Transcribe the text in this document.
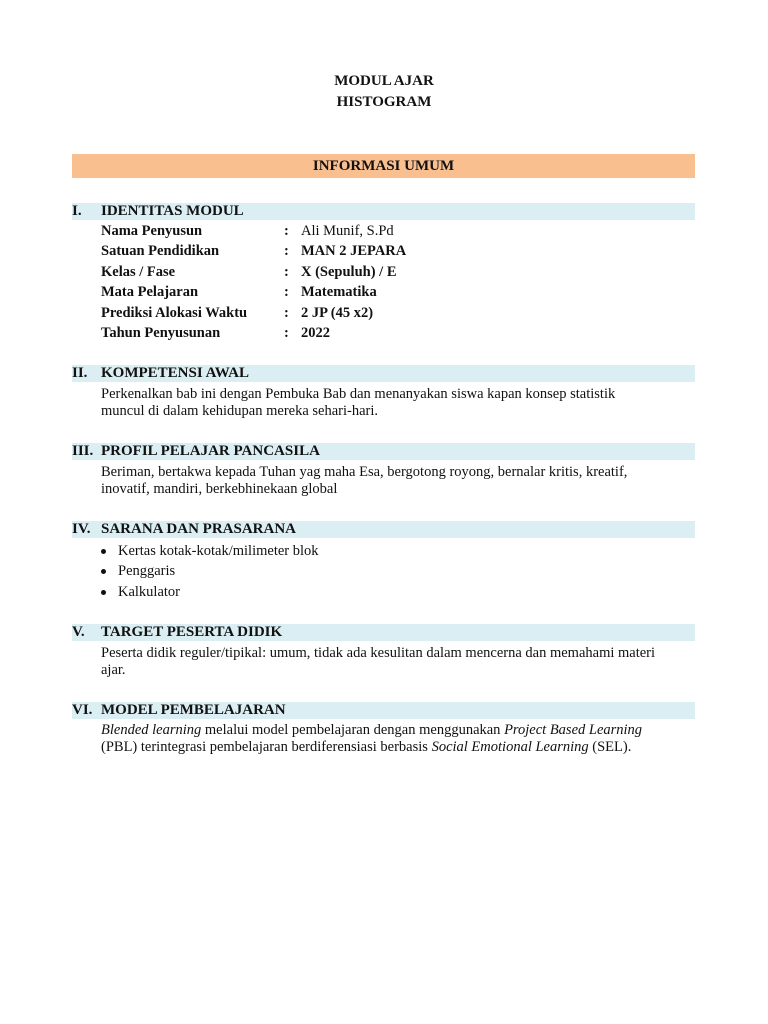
MODUL AJAR
HISTOGRAM
INFORMASI UMUM
I. IDENTITAS MODUL
Nama Penyusun	: Ali Munif, S.Pd
Satuan Pendidikan	: MAN 2 JEPARA
Kelas / Fase	: X (Sepuluh) / E
Mata Pelajaran	: Matematika
Prediksi Alokasi Waktu	: 2 JP (45 x2)
Tahun Penyusunan	: 2022
II. KOMPETENSI AWAL
Perkenalkan bab ini dengan Pembuka Bab dan menanyakan siswa kapan konsep statistik
muncul di dalam kehidupan mereka sehari-hari.
III. PROFIL PELAJAR PANCASILA
Beriman, bertakwa kepada Tuhan yag maha Esa, bergotong royong, bernalar kritis, kreatif,
inovatif, mandiri, berkebhinekaan global
IV. SARANA DAN PRASARANA
Kertas kotak-kotak/milimeter blok
Penggaris
Kalkulator
V. TARGET PESERTA DIDIK
Peserta didik reguler/tipikal: umum, tidak ada kesulitan dalam mencerna dan memahami materi
ajar.
VI. MODEL PEMBELAJARAN
Blended learning melalui model pembelajaran dengan menggunakan Project Based Learning
(PBL) terintegrasi pembelajaran berdiferensiasi berbasis Social Emotional Learning (SEL).
